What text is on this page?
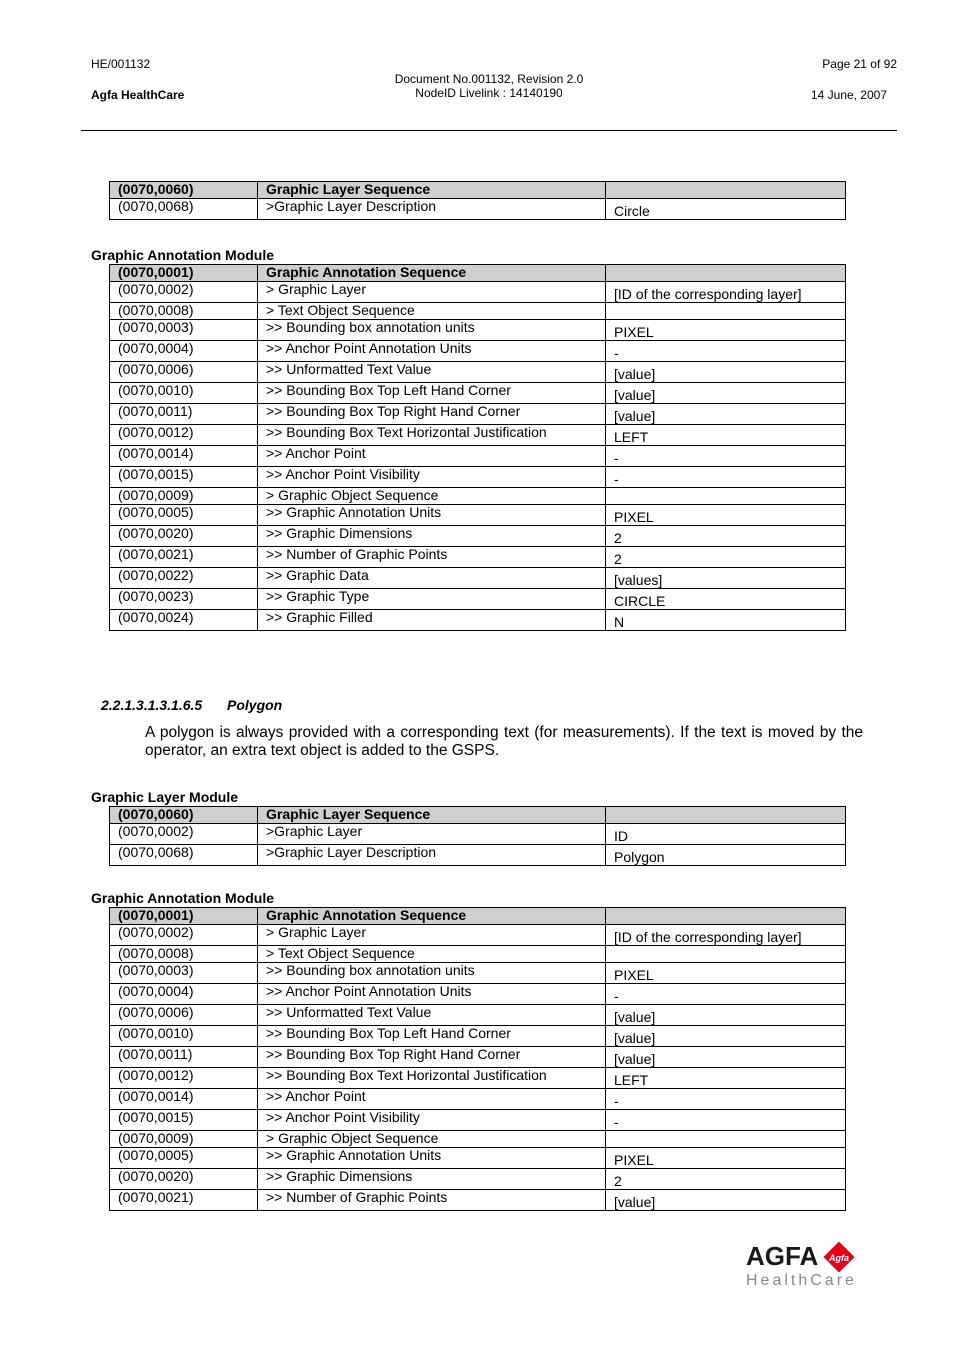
HE/001132
Agfa HealthCare
Document No.001132, Revision 2.0
NodeID Livelink : 14140190
Page 21 of 92
14 June, 2007
(0070,0060)	Graphic Layer Sequence	
(0070,0068)	>Graphic Layer Description	Circle
Graphic Annotation Module
(0070,0001)	Graphic Annotation Sequence	
(0070,0002)	> Graphic Layer	[ID of the corresponding layer]
(0070,0008)	> Text Object Sequence	
(0070,0003)	>> Bounding box annotation units	PIXEL
(0070,0004)	>> Anchor Point Annotation Units	-
(0070,0006)	>> Unformatted Text Value	[value]
(0070,0010)	>> Bounding Box Top Left Hand Corner	[value]
(0070,0011)	>> Bounding Box Top Right Hand Corner	[value]
(0070,0012)	>> Bounding Box Text Horizontal Justification	LEFT
(0070,0014)	>> Anchor Point	-
(0070,0015)	>> Anchor Point Visibility	-
(0070,0009)	> Graphic Object Sequence	
(0070,0005)	>> Graphic Annotation Units	PIXEL
(0070,0020)	>> Graphic Dimensions	2
(0070,0021)	>> Number of Graphic Points	2
(0070,0022)	>> Graphic Data	[values]
(0070,0023)	>> Graphic Type	CIRCLE
(0070,0024)	>> Graphic Filled	N
2.2.1.3.1.3.1.6.5 Polygon
A polygon is always provided with a corresponding text (for measurements). If the text is moved by the operator, an extra text object is added to the GSPS.
Graphic Layer Module
(0070,0060)	Graphic Layer Sequence	
(0070,0002)	>Graphic Layer	ID
(0070,0068)	>Graphic Layer Description	Polygon
Graphic Annotation Module
(0070,0001)	Graphic Annotation Sequence	
(0070,0002)	> Graphic Layer	[ID of the corresponding layer]
(0070,0008)	> Text Object Sequence	
(0070,0003)	>> Bounding box annotation units	PIXEL
(0070,0004)	>> Anchor Point Annotation Units	-
(0070,0006)	>> Unformatted Text Value	[value]
(0070,0010)	>> Bounding Box Top Left Hand Corner	[value]
(0070,0011)	>> Bounding Box Top Right Hand Corner	[value]
(0070,0012)	>> Bounding Box Text Horizontal Justification	LEFT
(0070,0014)	>> Anchor Point	-
(0070,0015)	>> Anchor Point Visibility	-
(0070,0009)	> Graphic Object Sequence	
(0070,0005)	>> Graphic Annotation Units	PIXEL
(0070,0020)	>> Graphic Dimensions	2
(0070,0021)	>> Number of Graphic Points	[value]
AGFA Agfa
HealthCare
